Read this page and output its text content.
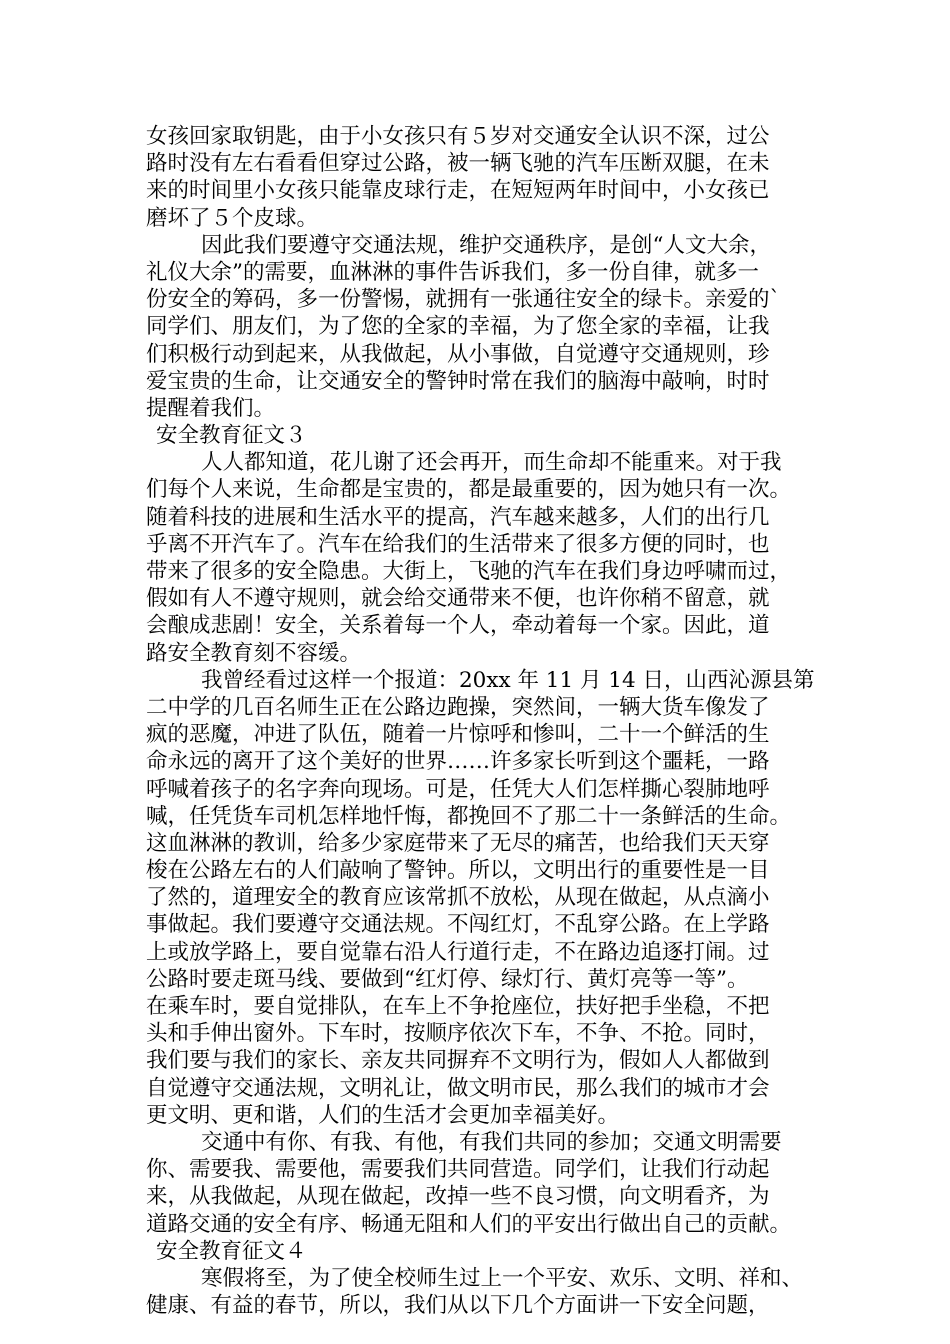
女孩回家取钥匙，由于小女孩只有５岁对交通安全认识不深，过公
路时没有左右看看但穿过公路，被一辆飞驰的汽车压断双腿，在未
来的时间里小女孩只能靠皮球行走，在短短两年时间中，小女孩已
磨坏了５个皮球。
因此我们要遵守交通法规，维护交通秩序，是创“人文大余，
礼仪大余”的需要，血淋淋的事件告诉我们，多一份自律，就多一
份安全的筹码，多一份警惕，就拥有一张通往安全的绿卡。亲爱的`
同学们、朋友们，为了您的全家的幸福，为了您全家的幸福，让我
们积极行动到起来，从我做起，从小事做，自觉遵守交通规则，珍
爱宝贵的生命，让交通安全的警钟时常在我们的脑海中敲响，时时
提醒着我们。
安全教育征文３
人人都知道，花儿谢了还会再开，而生命却不能重来。对于我
们每个人来说，生命都是宝贵的，都是最重要的，因为她只有一次。
随着科技的进展和生活水平的提高，汽车越来越多，人们的出行几
乎离不开汽车了。汽车在给我们的生活带来了很多方便的同时，也
带来了很多的安全隐患。大街上，飞驰的汽车在我们身边呼啸而过，
假如有人不遵守规则，就会给交通带来不便，也许你稍不留意，就
会酿成悲剧！安全，关系着每一个人，牵动着每一个家。因此，道
路安全教育刻不容缓。
我曾经看过这样一个报道：20xx 年 11 月 14 日，山西沁源县第
二中学的几百名师生正在公路边跑操，突然间，一辆大货车像发了
疯的恶魔，冲进了队伍，随着一片惊呼和惨叫，二十一个鲜活的生
命永远的离开了这个美好的世界……许多家长听到这个噩耗，一路
呼喊着孩子的名字奔向现场。可是，任凭大人们怎样撕心裂肺地呼
喊，任凭货车司机怎样地忏悔，都挽回不了那二十一条鲜活的生命。
这血淋淋的教训，给多少家庭带来了无尽的痛苦，也给我们天天穿
梭在公路左右的人们敲响了警钟。所以，文明出行的重要性是一目
了然的，道理安全的教育应该常抓不放松，从现在做起，从点滴小
事做起。我们要遵守交通法规。不闯红灯，不乱穿公路。在上学路
上或放学路上，要自觉靠右沿人行道行走，不在路边追逐打闹。过
公路时要走斑马线、要做到“红灯停、绿灯行、黄灯亮等一等”。
在乘车时，要自觉排队，在车上不争抢座位，扶好把手坐稳，不把
头和手伸出窗外。下车时，按顺序依次下车，不争、不抢。同时，
我们要与我们的家长、亲友共同摒弃不文明行为，假如人人都做到
自觉遵守交通法规，文明礼让，做文明市民，那么我们的城市才会
更文明、更和谐，人们的生活才会更加幸福美好。
交通中有你、有我、有他，有我们共同的参加；交通文明需要
你、需要我、需要他，需要我们共同营造。同学们，让我们行动起
来，从我做起，从现在做起，改掉一些不良习惯，向文明看齐，为
道路交通的安全有序、畅通无阻和人们的平安出行做出自己的贡献。
安全教育征文４
寒假将至，为了使全校师生过上一个平安、欢乐、文明、祥和、
健康、有益的春节，所以，我们从以下几个方面讲一下安全问题，
